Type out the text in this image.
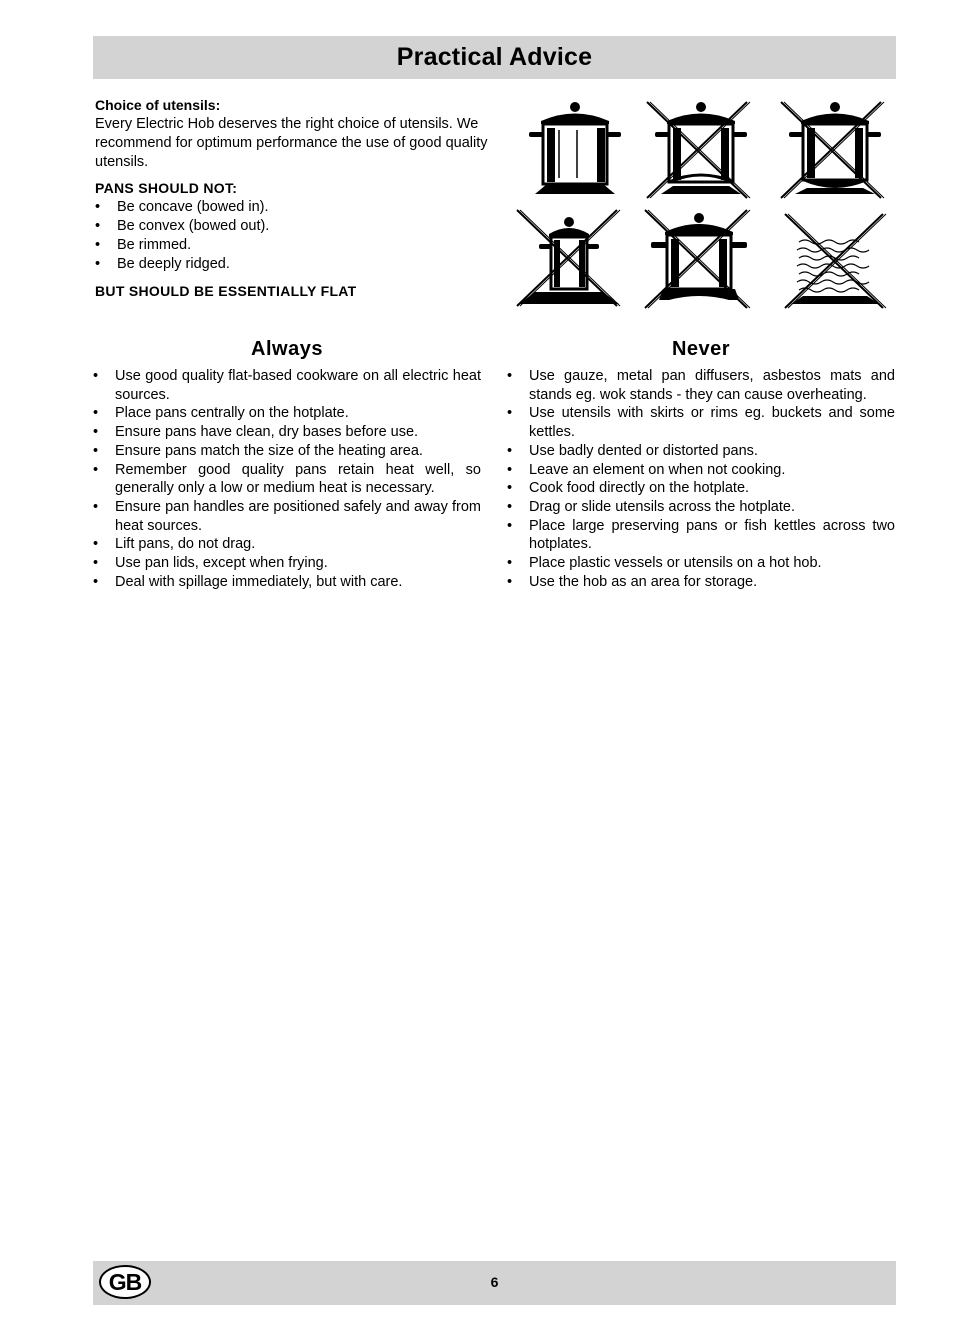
Practical Advice
Choice of utensils:

Every Electric Hob deserves the right choice of utensils. We recommend for optimum performance the use of good quality utensils.

PANS SHOULD NOT:
• Be concave (bowed in).
• Be convex (bowed out).
• Be rimmed.
• Be deeply ridged.
BUT SHOULD BE ESSENTIALLY FLAT
Always
• Use good quality flat-based cookware on all electric heat sources.
• Place pans centrally on the hotplate.
• Ensure pans have clean, dry bases before use.
• Ensure pans match the size of the heating area.
• Remember good quality pans retain heat well, so generally only a low or medium heat is necessary.
• Ensure pan handles are positioned safely and away from heat sources.
• Lift pans, do not drag.
• Use pan lids, except when frying.
• Deal with spillage immediately, but with care.
Never
• Use gauze, metal pan diffusers, asbestos mats and stands eg. wok stands - they can cause overheating.
• Use utensils with skirts or rims eg. buckets and some kettles.
• Use badly dented or distorted pans.
• Leave an element on when not cooking.
• Cook food directly on the hotplate.
• Drag or slide utensils across the hotplate.
• Place large preserving pans or fish kettles across two hotplates.
• Place plastic vessels or utensils on a hot hob.
• Use the hob as an area for storage.
GB	6
